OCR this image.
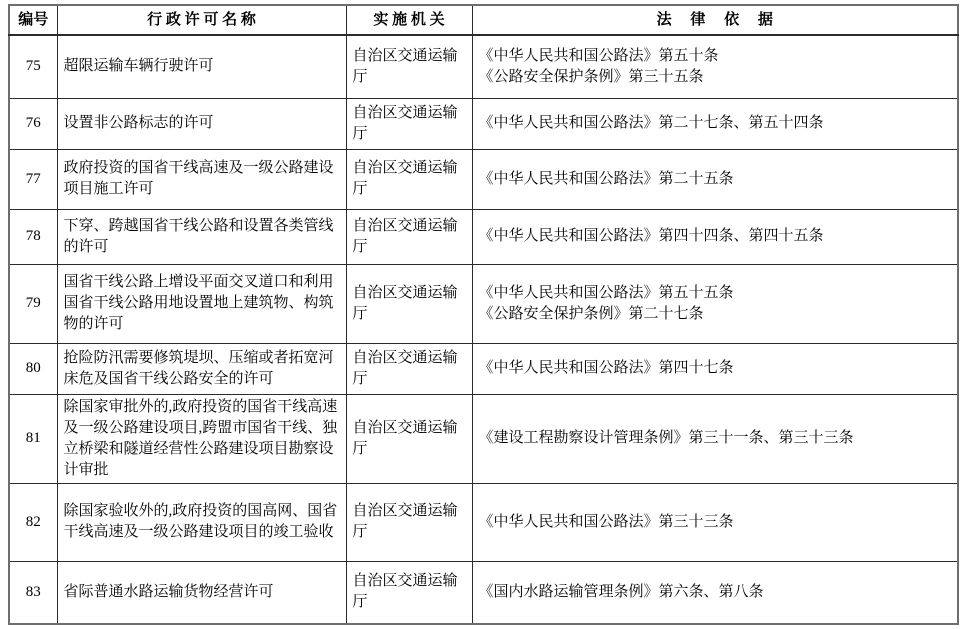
编号	行 政 许 可 名 称	实 施 机 关	法　 律　 依　 据
75	超限运输车辆行驶许可	自治区交通运输厅	《中华人民共和国公路法》第五十条
《公路安全保护条例》第三十五条

76	设置非公路标志的许可	自治区交通运输厅	《中华人民共和国公路法》第二十七条、第五十四条

77	政府投资的国省干线高速及一级公路建设项目施工许可	自治区交通运输厅	《中华人民共和国公路法》第二十五条

78	下穿、跨越国省干线公路和设置各类管线的许可	自治区交通运输厅	《中华人民共和国公路法》第四十四条、第四十五条

79	国省干线公路上增设平面交叉道口和利用国省干线公路用地设置地上建筑物、构筑物的许可	自治区交通运输厅	《中华人民共和国公路法》第五十五条
《公路安全保护条例》第二十七条

80	抢险防汛需要修筑堤坝、压缩或者拓宽河床危及国省干线公路安全的许可	自治区交通运输厅	《中华人民共和国公路法》第四十七条

81	除国家审批外的,政府投资的国省干线高速及一级公路建设项目,跨盟市国省干线、独立桥梁和隧道经营性公路建设项目勘察设计审批	自治区交通运输厅	《建设工程勘察设计管理条例》第三十一条、第三十三条

82	除国家验收外的,政府投资的国高网、国省干线高速及一级公路建设项目的竣工验收	自治区交通运输厅	《中华人民共和国公路法》第三十三条

83	省际普通水路运输货物经营许可	自治区交通运输厅	《国内水路运输管理条例》第六条、第八条
